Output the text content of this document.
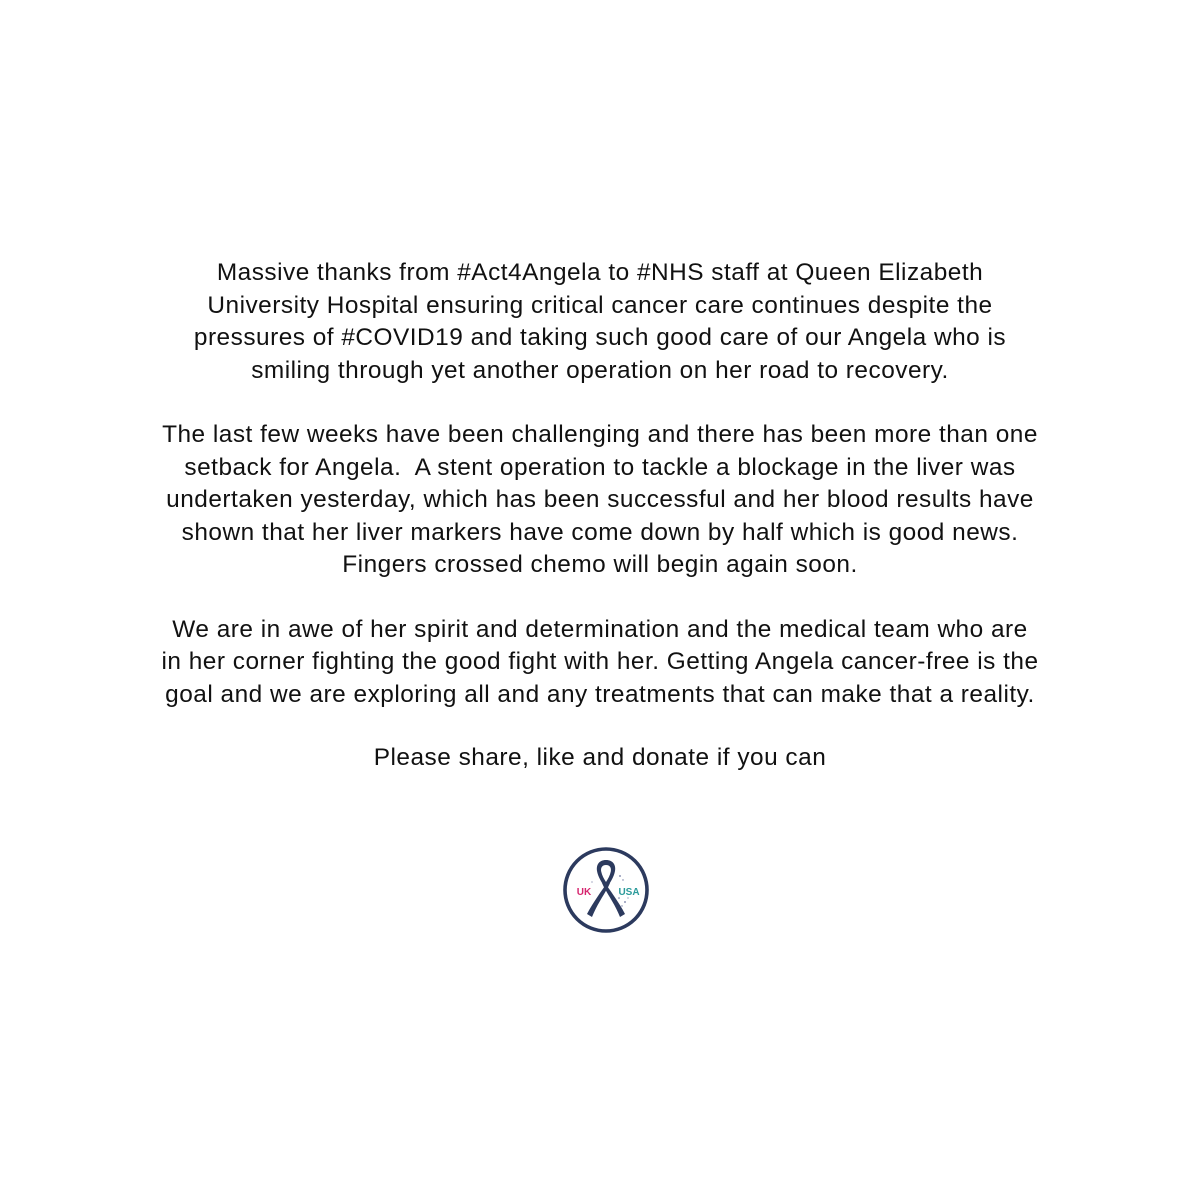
Massive thanks from #Act4Angela to #NHS staff at Queen Elizabeth
University Hospital ensuring critical cancer care continues despite the
pressures of #COVID19 and taking such good care of our Angela who is
smiling through yet another operation on her road to recovery.

The last few weeks have been challenging and there has been more than one
setback for Angela.  A stent operation to tackle a blockage in the liver was
undertaken yesterday, which has been successful and her blood results have
shown that her liver markers have come down by half which is good news.
Fingers crossed chemo will begin again soon.

We are in awe of her spirit and determination and the medical team who are
in her corner fighting the good fight with her. Getting Angela cancer-free is the
goal and we are exploring all and any treatments that can make that a reality.

Please share, like and donate if you can

UK	USA
